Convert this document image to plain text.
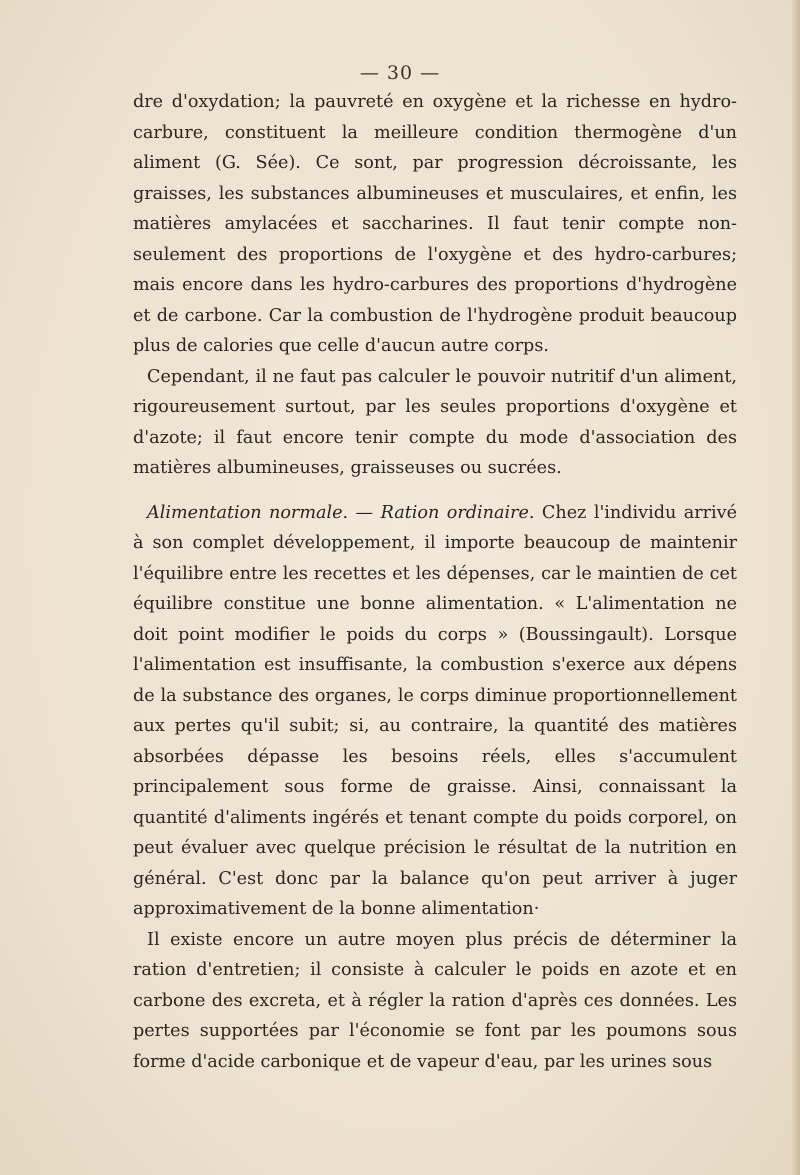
— 30 —

dre d'oxydation; la pauvreté en oxygène et la richesse en hydro-carbure, constituent la meilleure condition thermogène d'un aliment (G. Sée). Ce sont, par progression décroissante, les graisses, les substances albumineuses et musculaires, et enfin, les matières amylacées et saccharines. Il faut tenir compte non-seulement des proportions de l'oxygène et des hydro-carbures; mais encore dans les hydro-carbures des proportions d'hydrogène et de carbone. Car la combustion de l'hydrogène produit beaucoup plus de calories que celle d'aucun autre corps.

Cependant, il ne faut pas calculer le pouvoir nutritif d'un aliment, rigoureusement surtout, par les seules proportions d'oxygène et d'azote; il faut encore tenir compte du mode d'association des matières albumineuses, graisseuses ou sucrées.

Alimentation normale. — Ration ordinaire. Chez l'individu arrivé à son complet développement, il importe beaucoup de maintenir l'équilibre entre les recettes et les dépenses, car le maintien de cet équilibre constitue une bonne alimentation. « L'alimentation ne doit point modifier le poids du corps » (Boussingault). Lorsque l'alimentation est insuffisante, la combustion s'exerce aux dépens de la substance des organes, le corps diminue proportionnellement aux pertes qu'il subit; si, au contraire, la quantité des matières absorbées dépasse les besoins réels, elles s'accumulent principalement sous forme de graisse. Ainsi, connaissant la quantité d'aliments ingérés et tenant compte du poids corporel, on peut évaluer avec quelque précision le résultat de la nutrition en général. C'est donc par la balance qu'on peut arriver à juger approximativement de la bonne alimentation·

Il existe encore un autre moyen plus précis de déterminer la ration d'entretien; il consiste à calculer le poids en azote et en carbone des excreta, et à régler la ration d'après ces données. Les pertes supportées par l'économie se font par les poumons sous forme d'acide carbonique et de vapeur d'eau, par les urines sous
